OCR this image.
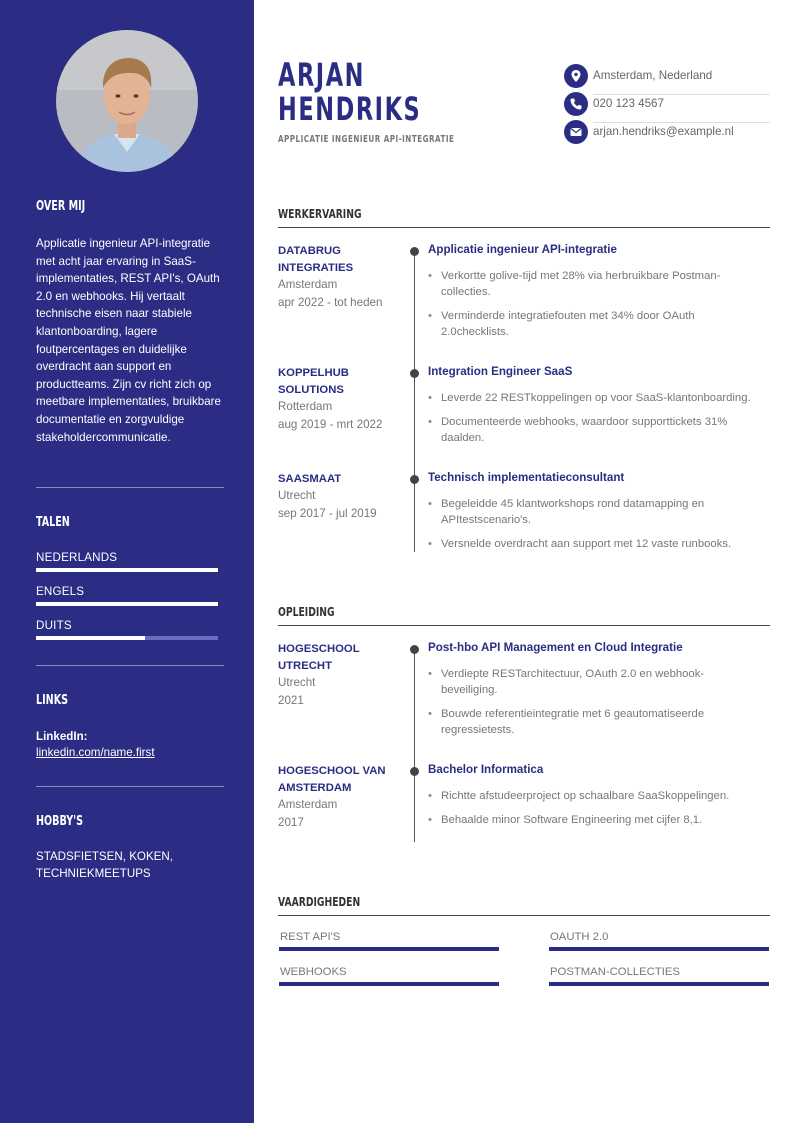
OVER MIJ

Applicatie ingenieur API-integratie met acht jaar ervaring in SaaS-implementaties, REST API's, OAuth 2.0 en webhooks. Hij vertaalt technische eisen naar stabiele klantonboarding, lagere foutpercentages en duidelijke overdracht aan support en productteams. Zijn cv richt zich op meetbare implementaties, bruikbare documentatie en zorgvuldige stakeholdercommunicatie.

TALEN
NEDERLANDS
ENGELS
DUITS
LINKS
LinkedIn:
linkedin.com/name.first
HOBBY'S
STADSFIETSEN, KOKEN, TECHNIEKMEETUPS
ARJAN
HENDRIKS
APPLICATIE INGENIEUR API-INTEGRATIE
Amsterdam, Nederland
020 123 4567
arjan.hendriks@example.nl
WERKERVARING
DATABRUG INTEGRATIES
Amsterdam
apr 2022 - tot heden
Applicatie ingenieur API-integratie
• Verkortte golive-tijd met 28% via herbruikbare Postman-collecties.
• Verminderde integratiefouten met 34% door OAuth 2.0checklists.
KOPPELHUB SOLUTIONS
Rotterdam
aug 2019 - mrt 2022
Integration Engineer SaaS
• Leverde 22 RESTkoppelingen op voor SaaS-klantonboarding.
• Documenteerde webhooks, waardoor supporttickets 31% daalden.
SAASMAAT
Utrecht
sep 2017 - jul 2019
Technisch implementatieconsultant
• Begeleidde 45 klantworkshops rond datamapping en APItestscenario's.
• Versnelde overdracht aan support met 12 vaste runbooks.
OPLEIDING
HOGESCHOOL UTRECHT
Utrecht
2021
Post-hbo API Management en Cloud Integratie
• Verdiepte RESTarchitectuur, OAuth 2.0 en webhook-beveiliging.
• Bouwde referentieintegratie met 6 geautomatiseerde regressietests.
HOGESCHOOL VAN AMSTERDAM
Amsterdam
2017
Bachelor Informatica
• Richtte afstudeerproject op schaalbare SaaSkoppelingen.
• Behaalde minor Software Engineering met cijfer 8,1.
VAARDIGHEDEN
REST API'S	OAUTH 2.0
WEBHOOKS	POSTMAN-COLLECTIES
